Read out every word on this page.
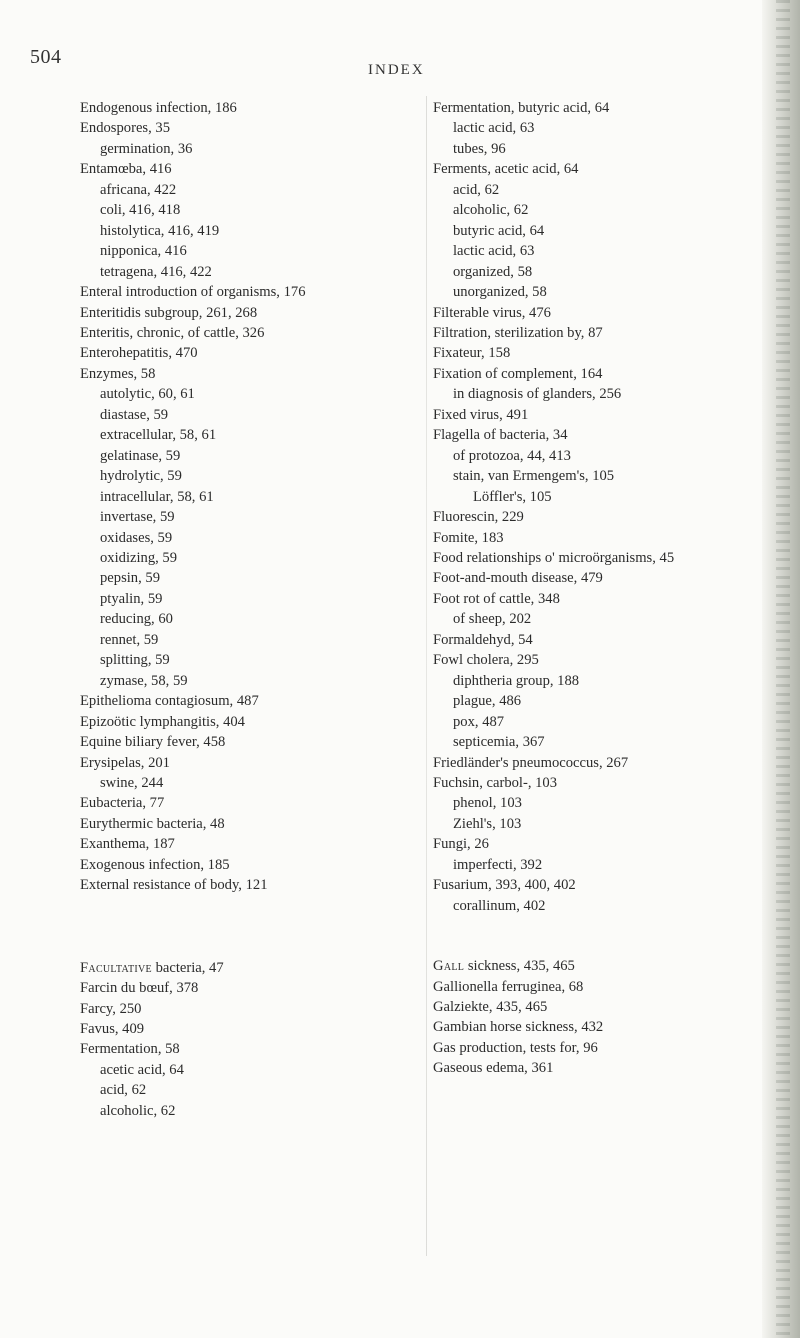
504
INDEX
Endogenous infection, 186
Endospores, 35
germination, 36
Entamœba, 416
africana, 422
coli, 416, 418
histolytica, 416, 419
nipponica, 416
tetragena, 416, 422
Enteral introduction of organisms, 176
Enteritidis subgroup, 261, 268
Enteritis, chronic, of cattle, 326
Enterohepatitis, 470
Enzymes, 58
autolytic, 60, 61
diastase, 59
extracellular, 58, 61
gelatinase, 59
hydrolytic, 59
intracellular, 58, 61
invertase, 59
oxidases, 59
oxidizing, 59
pepsin, 59
ptyalin, 59
reducing, 60
rennet, 59
splitting, 59
zymase, 58, 59
Epithelioma contagiosum, 487
Epizoötic lymphangitis, 404
Equine biliary fever, 458
Erysipelas, 201
swine, 244
Eubacteria, 77
Eurythermic bacteria, 48
Exanthema, 187
Exogenous infection, 185
External resistance of body, 121
Facultative bacteria, 47
Farcin du bœuf, 378
Farcy, 250
Favus, 409
Fermentation, 58
acetic acid, 64
acid, 62
alcoholic, 62
Fermentation, butyric acid, 64
lactic acid, 63
tubes, 96
Ferments, acetic acid, 64
acid, 62
alcoholic, 62
butyric acid, 64
lactic acid, 63
organized, 58
unorganized, 58
Filterable virus, 476
Filtration, sterilization by, 87
Fixateur, 158
Fixation of complement, 164
in diagnosis of glanders, 256
Fixed virus, 491
Flagella of bacteria, 34
of protozoa, 44, 413
stain, van Ermengem's, 105
Löffler's, 105
Fluorescin, 229
Fomite, 183
Food relationships o' microörganisms, 45
Foot-and-mouth disease, 479
Foot rot of cattle, 348
of sheep, 202
Formaldehyd, 54
Fowl cholera, 295
diphtheria group, 188
plague, 486
pox, 487
septicemia, 367
Friedländer's pneumococcus, 267
Fuchsin, carbol-, 103
phenol, 103
Ziehl's, 103
Fungi, 26
imperfecti, 392
Fusarium, 393, 400, 402
corallinum, 402
Gall sickness, 435, 465
Gallionella ferruginea, 68
Galziekte, 435, 465
Gambian horse sickness, 432
Gas production, tests for, 96
Gaseous edema, 361
